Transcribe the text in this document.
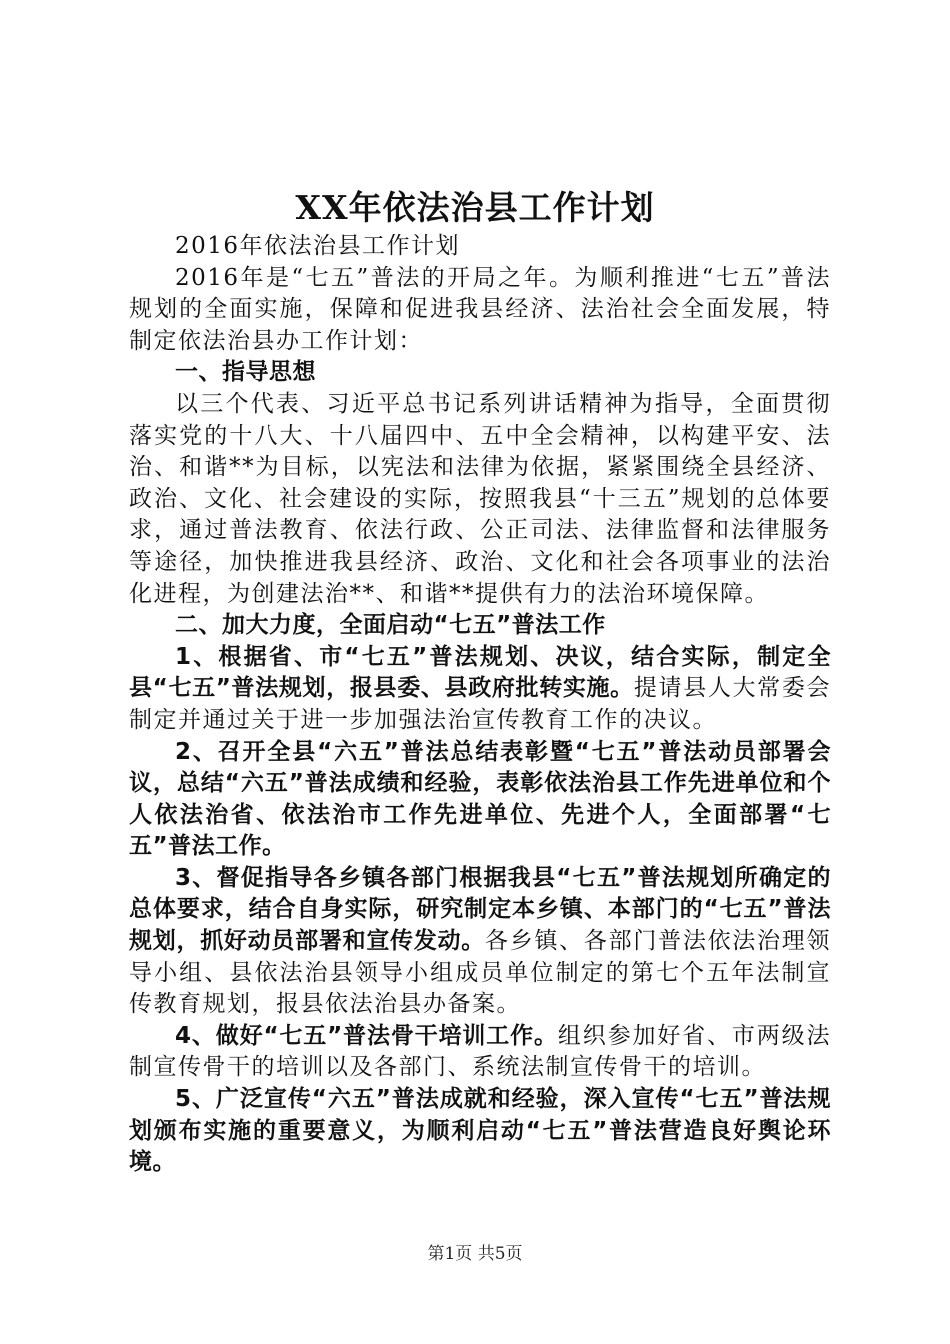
XX年依法治县工作计划

2016年依法治县工作计划

2016年是“七五”普法的开局之年。为顺利推进“七五”普法规划的全面实施，保障和促进我县经济、法治社会全面发展，特制定依法治县办工作计划：

一、指导思想

以三个代表、习近平总书记系列讲话精神为指导，全面贯彻落实党的十八大、十八届四中、五中全会精神，以构建平安、法治、和谐**为目标，以宪法和法律为依据，紧紧围绕全县经济、政治、文化、社会建设的实际，按照我县“十三五”规划的总体要求，通过普法教育、依法行政、公正司法、法律监督和法律服务等途径，加快推进我县经济、政治、文化和社会各项事业的法治化进程，为创建法治**、和谐**提供有力的法治环境保障。

二、加大力度，全面启动“七五”普法工作

1、根据省、市“七五”普法规划、决议，结合实际，制定全县“七五”普法规划，报县委、县政府批转实施。提请县人大常委会制定并通过关于进一步加强法治宣传教育工作的决议。

2、召开全县“六五”普法总结表彰暨“七五”普法动员部署会议，总结“六五”普法成绩和经验，表彰依法治县工作先进单位和个人依法治省、依法治市工作先进单位、先进个人，全面部署“七五”普法工作。

3、督促指导各乡镇各部门根据我县“七五”普法规划所确定的总体要求，结合自身实际，研究制定本乡镇、本部门的“七五”普法规划，抓好动员部署和宣传发动。各乡镇、各部门普法依法治理领导小组、县依法治县领导小组成员单位制定的第七个五年法制宣传教育规划，报县依法治县办备案。

4、做好“七五”普法骨干培训工作。组织参加好省、市两级法制宣传骨干的培训以及各部门、系统法制宣传骨干的培训。

5、广泛宣传“六五”普法成就和经验，深入宣传“七五”普法规划颁布实施的重要意义，为顺利启动“七五”普法营造良好舆论环境。

第1页 共5页
